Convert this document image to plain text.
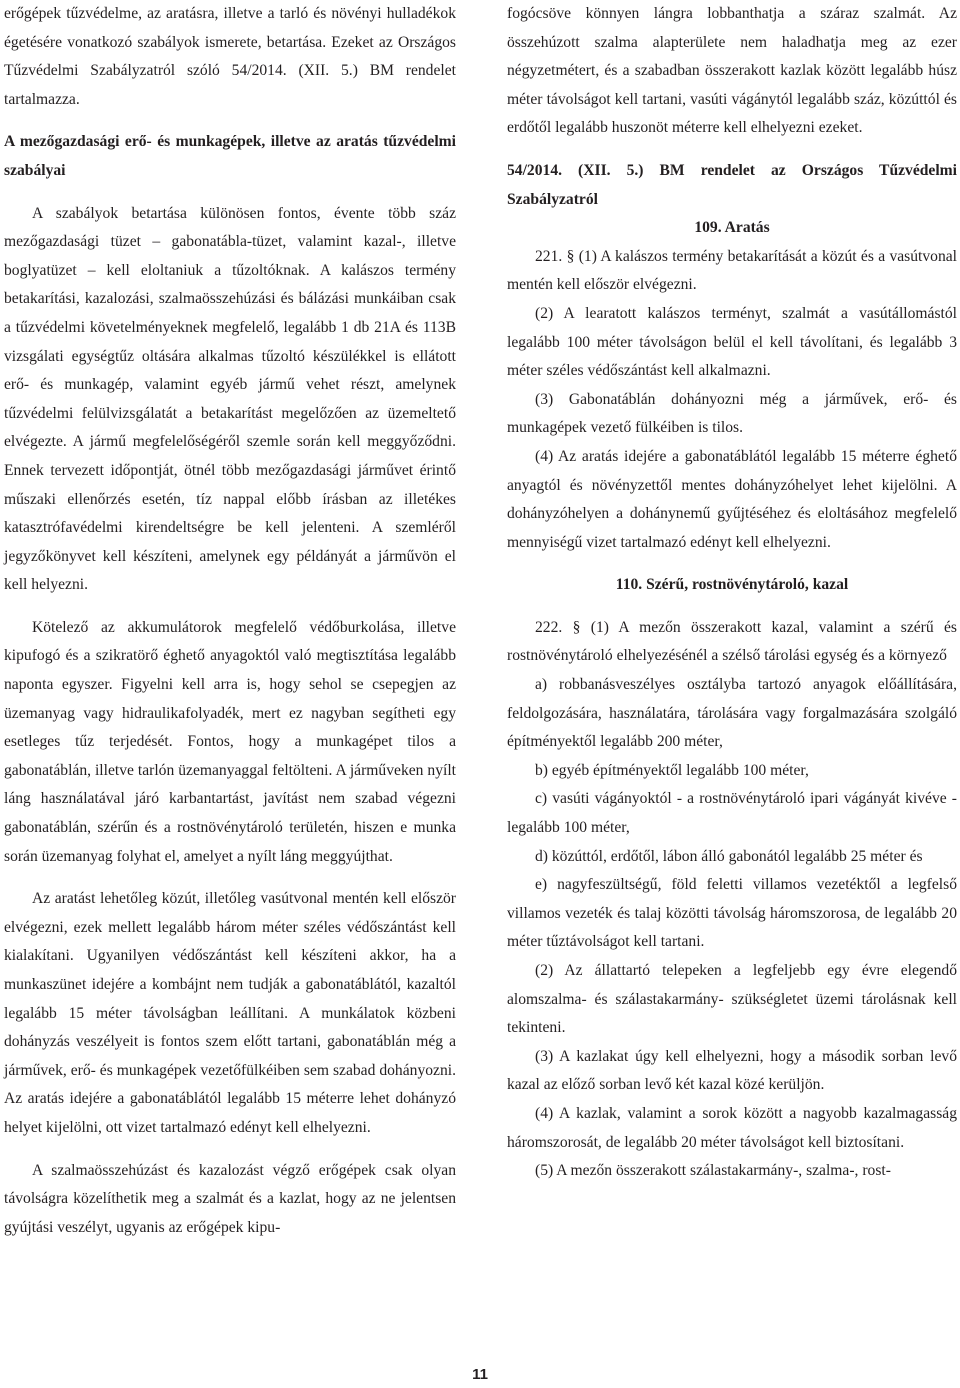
erőgépek tűzvédelme, az aratásra, illetve a tarló és növényi hulladékok égetésére vonatkozó szabályok ismerete, betartása. Ezeket az Országos Tűzvédelmi Szabályzatról szóló 54/2014. (XII. 5.) BM rendelet tartalmazza.

A mezőgazdasági erő- és munkagépek, illetve az aratás tűzvédelmi szabályai

A szabályok betartása különösen fontos, évente több száz mezőgazdasági tüzet – gabonatábla-tüzet, valamint kazal-, illetve boglyatüzet – kell eloltaniuk a tűzoltóknak. A kalászos termény betakarítási, kazalozási, szalmaösszehúzási és bálázási munkáiban csak a tűzvédelmi követelményeknek megfelelő, legalább 1 db 21A és 113B vizsgálati egységtűz oltására alkalmas tűzoltó készülékkel is ellátott erő- és munkagép, valamint egyéb jármű vehet részt, amelynek tűzvédelmi felülvizsgálatát a betakarítást megelőzően az üzemeltető elvégezte. A jármű megfelelőségéről szemle során kell meggyőződni. Ennek tervezett időpontját, ötnél több mezőgazdasági járművet érintő műszaki ellenőrzés esetén, tíz nappal előbb írásban az illetékes katasztrófavédelmi kirendeltségre be kell jelenteni. A szemléről jegyzőkönyvet kell készíteni, amelynek egy példányát a járművön el kell helyezni.

Kötelező az akkumulátorok megfelelő védőburkolása, illetve kipufogó és a szikratörő éghető anyagoktól való megtisztítása legalább naponta egyszer. Figyelni kell arra is, hogy sehol se csepegjen az üzemanyag vagy hidraulikafolyadék, mert ez nagyban segítheti egy esetleges tűz terjedését. Fontos, hogy a munkagépet tilos a gabonatáblán, illetve tarlón üzemanyaggal feltölteni. A járműveken nyílt láng használatával járó karbantartást, javítást nem szabad végezni gabonatáblán, szérűn és a rostnövénytároló területén, hiszen e munka során üzemanyag folyhat el, amelyet a nyílt láng meggyújthat.

Az aratást lehetőleg közút, illetőleg vasútvonal mentén kell először elvégezni, ezek mellett legalább három méter széles védőszántást kell kialakítani. Ugyanilyen védőszántást kell készíteni akkor, ha a munkaszünet idejére a kombájnt nem tudják a gabonatáblától, kazaltól legalább 15 méter távolságban leállítani. A munkálatok közbeni dohányzás veszélyeit is fontos szem előtt tartani, gabonatáblán még a járművek, erő- és munkagépek vezetőfülkéiben sem szabad dohányozni. Az aratás idejére a gabonatáblától legalább 15 méterre lehet dohányzó helyet kijelölni, ott vizet tartalmazó edényt kell elhelyezni.

A szalmaösszehúzást és kazalozást végző erőgépek csak olyan távolságra közelíthetik meg a szalmát és a kazlat, hogy az ne jelentsen gyújtási veszélyt, ugyanis az erőgépek kipu-

fogócsöve könnyen lángra lobbanthatja a száraz szalmát. Az összehúzott szalma alapterülete nem haladhatja meg az ezer négyzetmétert, és a szabadban összerakott kazlak között legalább húsz méter távolságot kell tartani, vasúti vágánytól legalább száz, közúttól és erdőtől legalább huszonöt méterre kell elhelyezni ezeket.

54/2014. (XII. 5.) BM rendelet az Országos Tűzvédelmi Szabályzatról

109. Aratás

221. § (1) A kalászos termény betakarítását a közút és a vasútvonal mentén kell először elvégezni.

(2) A learatott kalászos terményt, szalmát a vasútállomástól legalább 100 méter távolságon belül el kell távolítani, és legalább 3 méter széles védőszántást kell alkalmazni.

(3) Gabonatáblán dohányozni még a járművek, erő- és munkagépek vezető fülkéiben is tilos.

(4) Az aratás idejére a gabonatáblától legalább 15 méterre éghető anyagtól és növényzettől mentes dohányzóhelyet lehet kijelölni. A dohányzóhelyen a dohánynemű gyűjtéséhez és eloltásához megfelelő mennyiségű vizet tartalmazó edényt kell elhelyezni.

110. Szérű, rostnövénytároló, kazal

222. § (1) A mezőn összerakott kazal, valamint a szérű és rostnövénytároló elhelyezésénél a szélső tárolási egység és a környező

a) robbanásveszélyes osztályba tartozó anyagok előállítására, feldolgozására, használatára, tárolására vagy forgalmazására szolgáló építményektől legalább 200 méter,

b) egyéb építményektől legalább 100 méter,

c) vasúti vágányoktól - a rostnövénytároló ipari vágányát kivéve - legalább 100 méter,

d) közúttól, erdőtől, lábon álló gabonától legalább 25 méter és

e) nagyfeszültségű, föld feletti villamos vezetéktől a legfelső villamos vezeték és talaj közötti távolság háromszorosa, de legalább 20 méter tűztávolságot kell tartani.

(2) Az állattartó telepeken a legfeljebb egy évre elegendő alomszalma- és szálastakarmány- szükségletet üzemi tárolásnak kell tekinteni.

(3) A kazlakat úgy kell elhelyezni, hogy a második sorban levő kazal az előző sorban levő két kazal közé kerüljön.

(4) A kazlak, valamint a sorok között a nagyobb kazalmagasság háromszorosát, de legalább 20 méter távolságot kell biztosítani.

(5) A mezőn összerakott szálastakarmány-, szalma-, rost-

11
